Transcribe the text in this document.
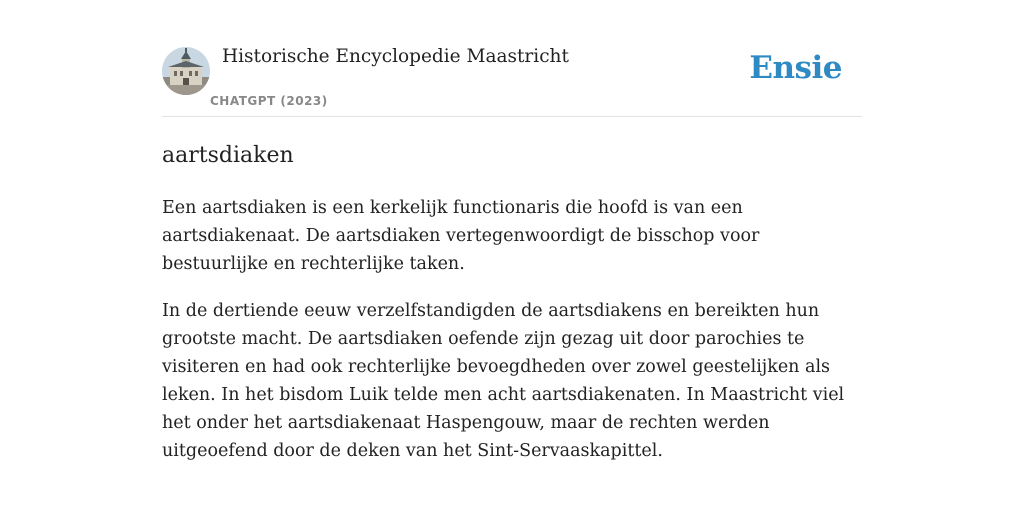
Historische Encyclopedie Maastricht
CHATGPT (2023)
Ensie
aartsdiaken

Een aartsdiaken is een kerkelijk functionaris die hoofd is van een aartsdiakenaat. De aartsdiaken vertegenwoordigt de bisschop voor bestuurlijke en rechterlijke taken.

In de dertiende eeuw verzelfstandigden de aartsdiakens en bereikten hun grootste macht. De aartsdiaken oefende zijn gezag uit door parochies te visiteren en had ook rechterlijke bevoegdheden over zowel geestelijken als leken. In het bisdom Luik telde men acht aartsdiakenaten. In Maastricht viel het onder het aartsdiakenaat Haspengouw, maar de rechten werden uitgeoefend door de deken van het Sint-Servaaskapittel.
